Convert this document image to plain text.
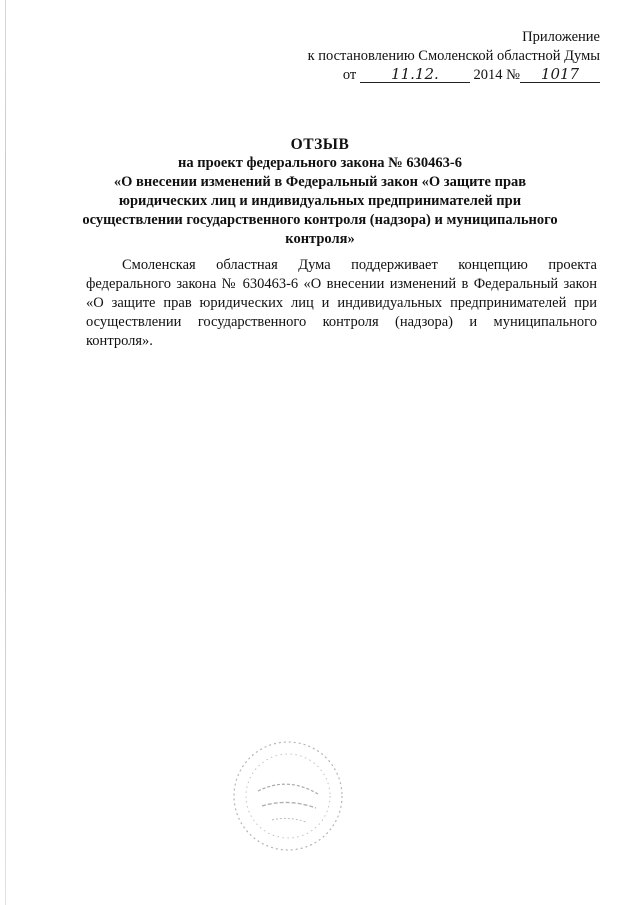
Приложение
к постановлению Смоленской областной Думы
от 11.12. 2014 № 1017
ОТЗЫВ
на проект федерального закона № 630463-6
«О внесении изменений в Федеральный закон «О защите прав
юридических лиц и индивидуальных предпринимателей при
осуществлении государственного контроля (надзора) и муниципального
контроля»

Смоленская областная Дума поддерживает концепцию проекта федерального закона № 630463-6 «О внесении изменений в Федеральный закон «О защите прав юридических лиц и индивидуальных предпринимателей при осуществлении государственного контроля (надзора) и муниципального контроля».
